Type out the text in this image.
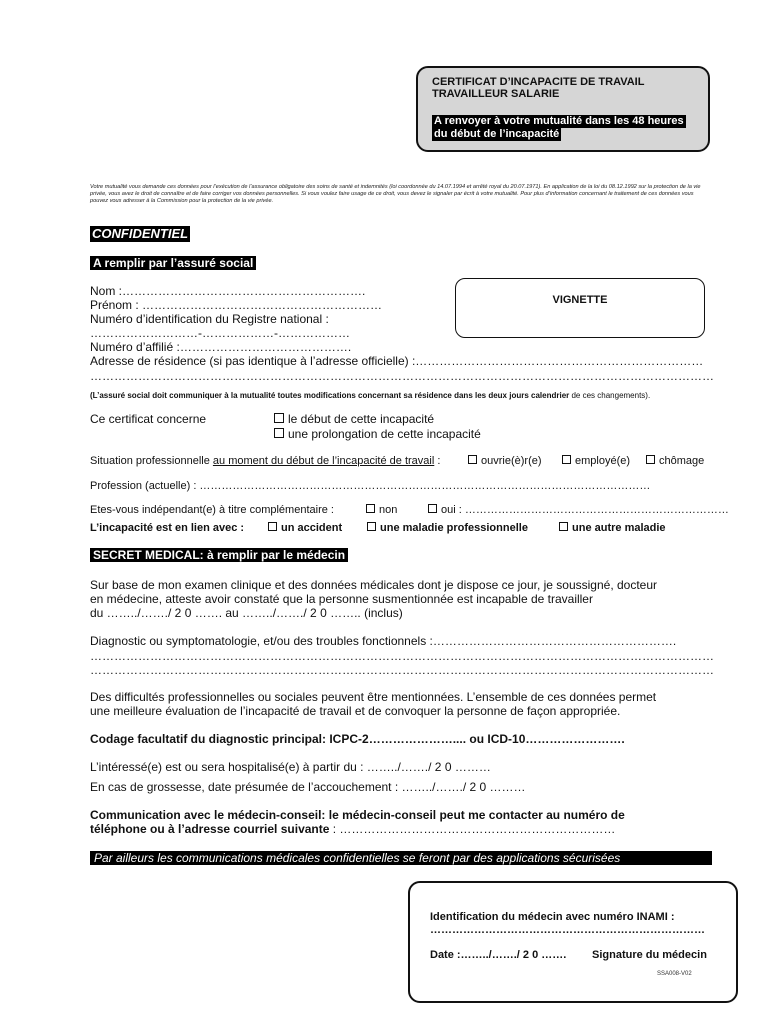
CERTIFICAT D’INCAPACITE DE TRAVAIL TRAVAILLEUR SALARIE
A renvoyer à votre mutualité dans les 48 heures
du début de l’incapacité
Votre mutualité vous demande ces données pour l’exécution de l’assurance obligatoire des soins de santé et indemnités (loi coordonnée du 14.07.1994 et arrêté royal du 20.07.1971). En application de la loi du 08.12.1992 sur la protection de la vie privée, vous avez le droit de connaître et de faire corriger vos données personnelles. Si vous voulez faire usage de ce droit, vous devez le signaler par écrit à votre mutualité. Pour plus d’information concernant le traitement de ces données vous pouvez vous adresser à la Commission pour la protection de la vie privée.
CONFIDENTIEL
A remplir par l’assuré social
Nom :…………………………………………………….
Prénom : ……………………………………………………
Numéro d’identification du Registre national :
………………………-………………-………………
Numéro d’affilié :…………………………………….
Adresse de résidence (si pas identique à l’adresse officielle) :………………………………………………………………
…………………………………………………………………………………………………………………………………………
VIGNETTE
(L’assuré social doit communiquer à la mutualité toutes modifications concernant sa résidence dans les deux jours calendrier de ces changements).
Ce certificat concerne	le début de cette incapacité
une prolongation de cette incapacité
Situation professionnelle au moment du début de l’incapacité de travail :	ouvrie(è)r(e)	employé(e)	chômage
Profession (actuelle) : ……………………………………………………………………………………………………………
Etes-vous indépendant(e) à titre complémentaire :	non	oui : ………………………………………………………………
L’incapacité est en lien avec :	un accident	une maladie professionnelle	une autre maladie
SECRET MEDICAL: à remplir par le médecin
Sur base de mon examen clinique et des données médicales dont je dispose ce jour, je soussigné, docteur
en médecine, atteste avoir constaté que la personne susmentionnée est incapable de travailler
du ……../……./ 2 0 ……. au ……../……./ 2 0 …….. (inclus)
Diagnostic ou symptomatologie, et/ou des troubles fonctionnels :…………………………………………………….
…………………………………………………………………………………………………………………………………………
…………………………………………………………………………………………………………………………………………
Des difficultés professionnelles ou sociales peuvent être mentionnées. L’ensemble de ces données permet
une meilleure évaluation de l’incapacité de travail et de convoquer la personne de façon appropriée.
Codage facultatif du diagnostic principal: ICPC-2………………….... ou ICD-10…………………….
L’intéressé(e) est ou sera hospitalisé(e) à partir du : ……../……./ 2 0 ………
En cas de grossesse, date présumée de l’accouchement : ……../……./ 2 0 ………
Communication avec le médecin-conseil: le médecin-conseil peut me contacter au numéro de
téléphone ou à l’adresse courriel suivante : ……………………………………………………………
Par ailleurs les communications médicales confidentielles se feront par des applications sécurisées
Identification du médecin avec numéro INAMI :
…………………………………………………………………
Date :……../……./ 2 0 ……. Signature du médecin
SSA008-V02
